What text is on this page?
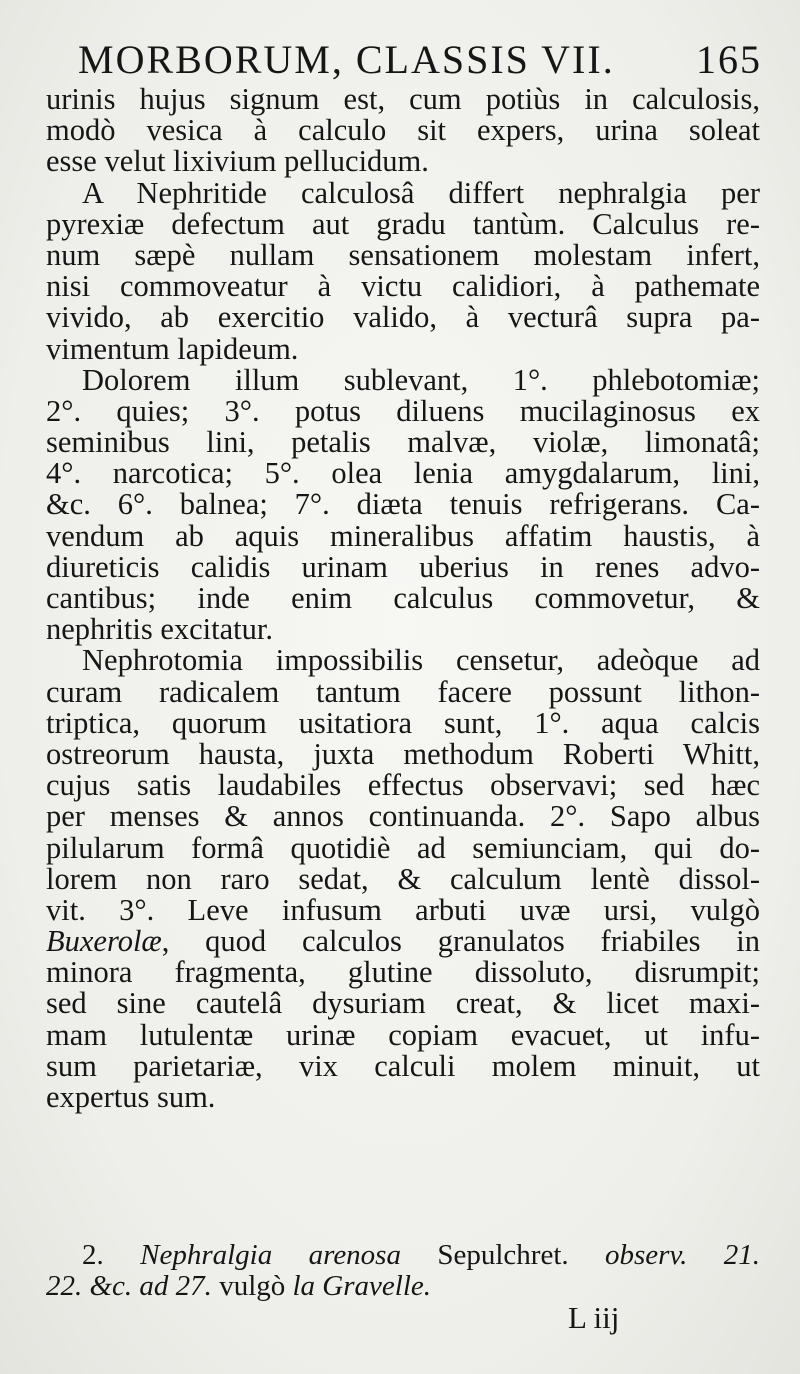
MORBORUM, CLASSIS VII. 165
urinis hujus signum est, cum potiùs in calculosis,
modò vesica à calculo sit expers, urina soleat
esse velut lixivium pellucidum.
A Nephritide calculosâ differt nephralgia per
pyrexiæ defectum aut gradu tantùm. Calculus re-
num sæpè nullam sensationem molestam infert,
nisi commoveatur à victu calidiori, à pathemate
vivido, ab exercitio valido, à vecturâ supra pa-
vimentum lapideum.
Dolorem illum sublevant, 1°. phlebotomiæ;
2°. quies; 3°. potus diluens mucilaginosus ex
seminibus lini, petalis malvæ, violæ, limonatâ;
4°. narcotica; 5°. olea lenia amygdalarum, lini,
&c. 6°. balnea; 7°. diæta tenuis refrigerans. Ca-
vendum ab aquis mineralibus affatim haustis, à
diureticis calidis urinam uberius in renes advo-
cantibus; inde enim calculus commovetur, &
nephritis excitatur.
Nephrotomia impossibilis censetur, adeòque ad
curam radicalem tantum facere possunt lithon-
triptica, quorum usitatiora sunt, 1°. aqua calcis
ostreorum hausta, juxta methodum Roberti Whitt,
cujus satis laudabiles effectus observavi; sed hæc
per menses & annos continuanda. 2°. Sapo albus
pilularum formâ quotidiè ad semiunciam, qui do-
lorem non raro sedat, & calculum lentè dissol-
vit. 3°. Leve infusum arbuti uvæ ursi, vulgò
Buxerolæ, quod calculos granulatos friabiles in
minora fragmenta, glutine dissoluto, disrumpit;
sed sine cautelâ dysuriam creat, & licet maxi-
mam lutulentæ urinæ copiam evacuet, ut infu-
sum parietariæ, vix calculi molem minuit, ut
expertus sum.
2. Nephralgia arenosa Sepulchret. observ. 21.
22. &c. ad 27. vulgò la Gravelle.
L iij
